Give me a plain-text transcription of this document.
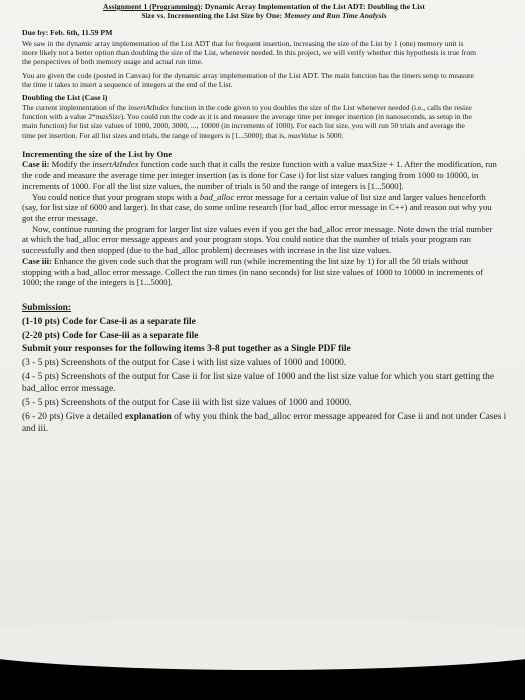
Assignment 1 (Programming): Dynamic Array Implementation of the List ADT: Doubling the List
Size vs. Incrementing the List Size by One: Memory and Run Time Analysis
Due by: Feb. 6th, 11.59 PM

We saw in the dynamic array implementation of the List ADT that for frequent insertion, increasing the size of the List by 1 (one) memory unit is more likely not a better option than doubling the size of the List, whenever needed. In this project, we will verify whether this hypothesis is true from the perspectives of both memory usage and actual run time.

You are given the code (posted in Canvas) for the dynamic array implementation of the List ADT. The main function has the timers setup to measure the time it takes to insert a sequence of integers at the end of the List.

Doubling the List (Case i)

The current implementation of the insertAtIndex function in the code given to you doubles the size of the List whenever needed (i.e., calls the resize function with a value 2*maxSize). You could run the code as it is and measure the average time per integer insertion (in nanoseconds, as setup in the main function) for list size values of 1000, 2000, 3000, ..., 10000 (in increments of 1000). For each list size, you will run 50 trials and average the time per insertion. For all list sizes and trials, the range of integers is [1...5000]; that is, maxValue is 5000.

Incrementing the size of the List by One

Case ii: Modify the insertAtIndex function code such that it calls the resize function with a value maxSize + 1. After the modification, run the code and measure the average time per integer insertion (as is done for Case i) for list size values ranging from 1000 to 10000, in increments of 1000. For all the list size values, the number of trials is 50 and the range of integers is [1...5000].

You could notice that your program stops with a bad_alloc error message for a certain value of list size and larger values henceforth (say, for list size of 6000 and larger). In that case, do some online research (for bad_alloc error message in C++) and reason out why you got the error message.

Now, continue running the program for larger list size values even if you get the bad_alloc error message. Note down the trial number at which the bad_alloc error message appears and your program stops. You could notice that the number of trials your program ran successfully and then stopped (due to the bad_alloc problem) decreases with increase in the list size values.

Case iii: Enhance the given code such that the program will run (while incrementing the list size by 1) for all the 50 trials without stopping with a bad_alloc error message. Collect the run times (in nano seconds) for list size values of 1000 to 10000 in increments of 1000; the range of the integers is [1...5000].

Submission:
(1-10 pts) Code for Case-ii as a separate file
(2-20 pts) Code for Case-iii as a separate file
Submit your responses for the following items 3-8 put together as a Single PDF file
(3 - 5 pts) Screenshots of the output for Case i with list size values of 1000 and 10000.
(4 - 5 pts) Screenshots of the output for Case ii for list size value of 1000 and the list size value for which you start getting the bad_alloc error message.
(5 - 5 pts) Screenshots of the output for Case iii with list size values of 1000 and 10000.
(6 - 20 pts) Give a detailed explanation of why you think the bad_alloc error message appeared for Case ii and not under Cases i and iii.
